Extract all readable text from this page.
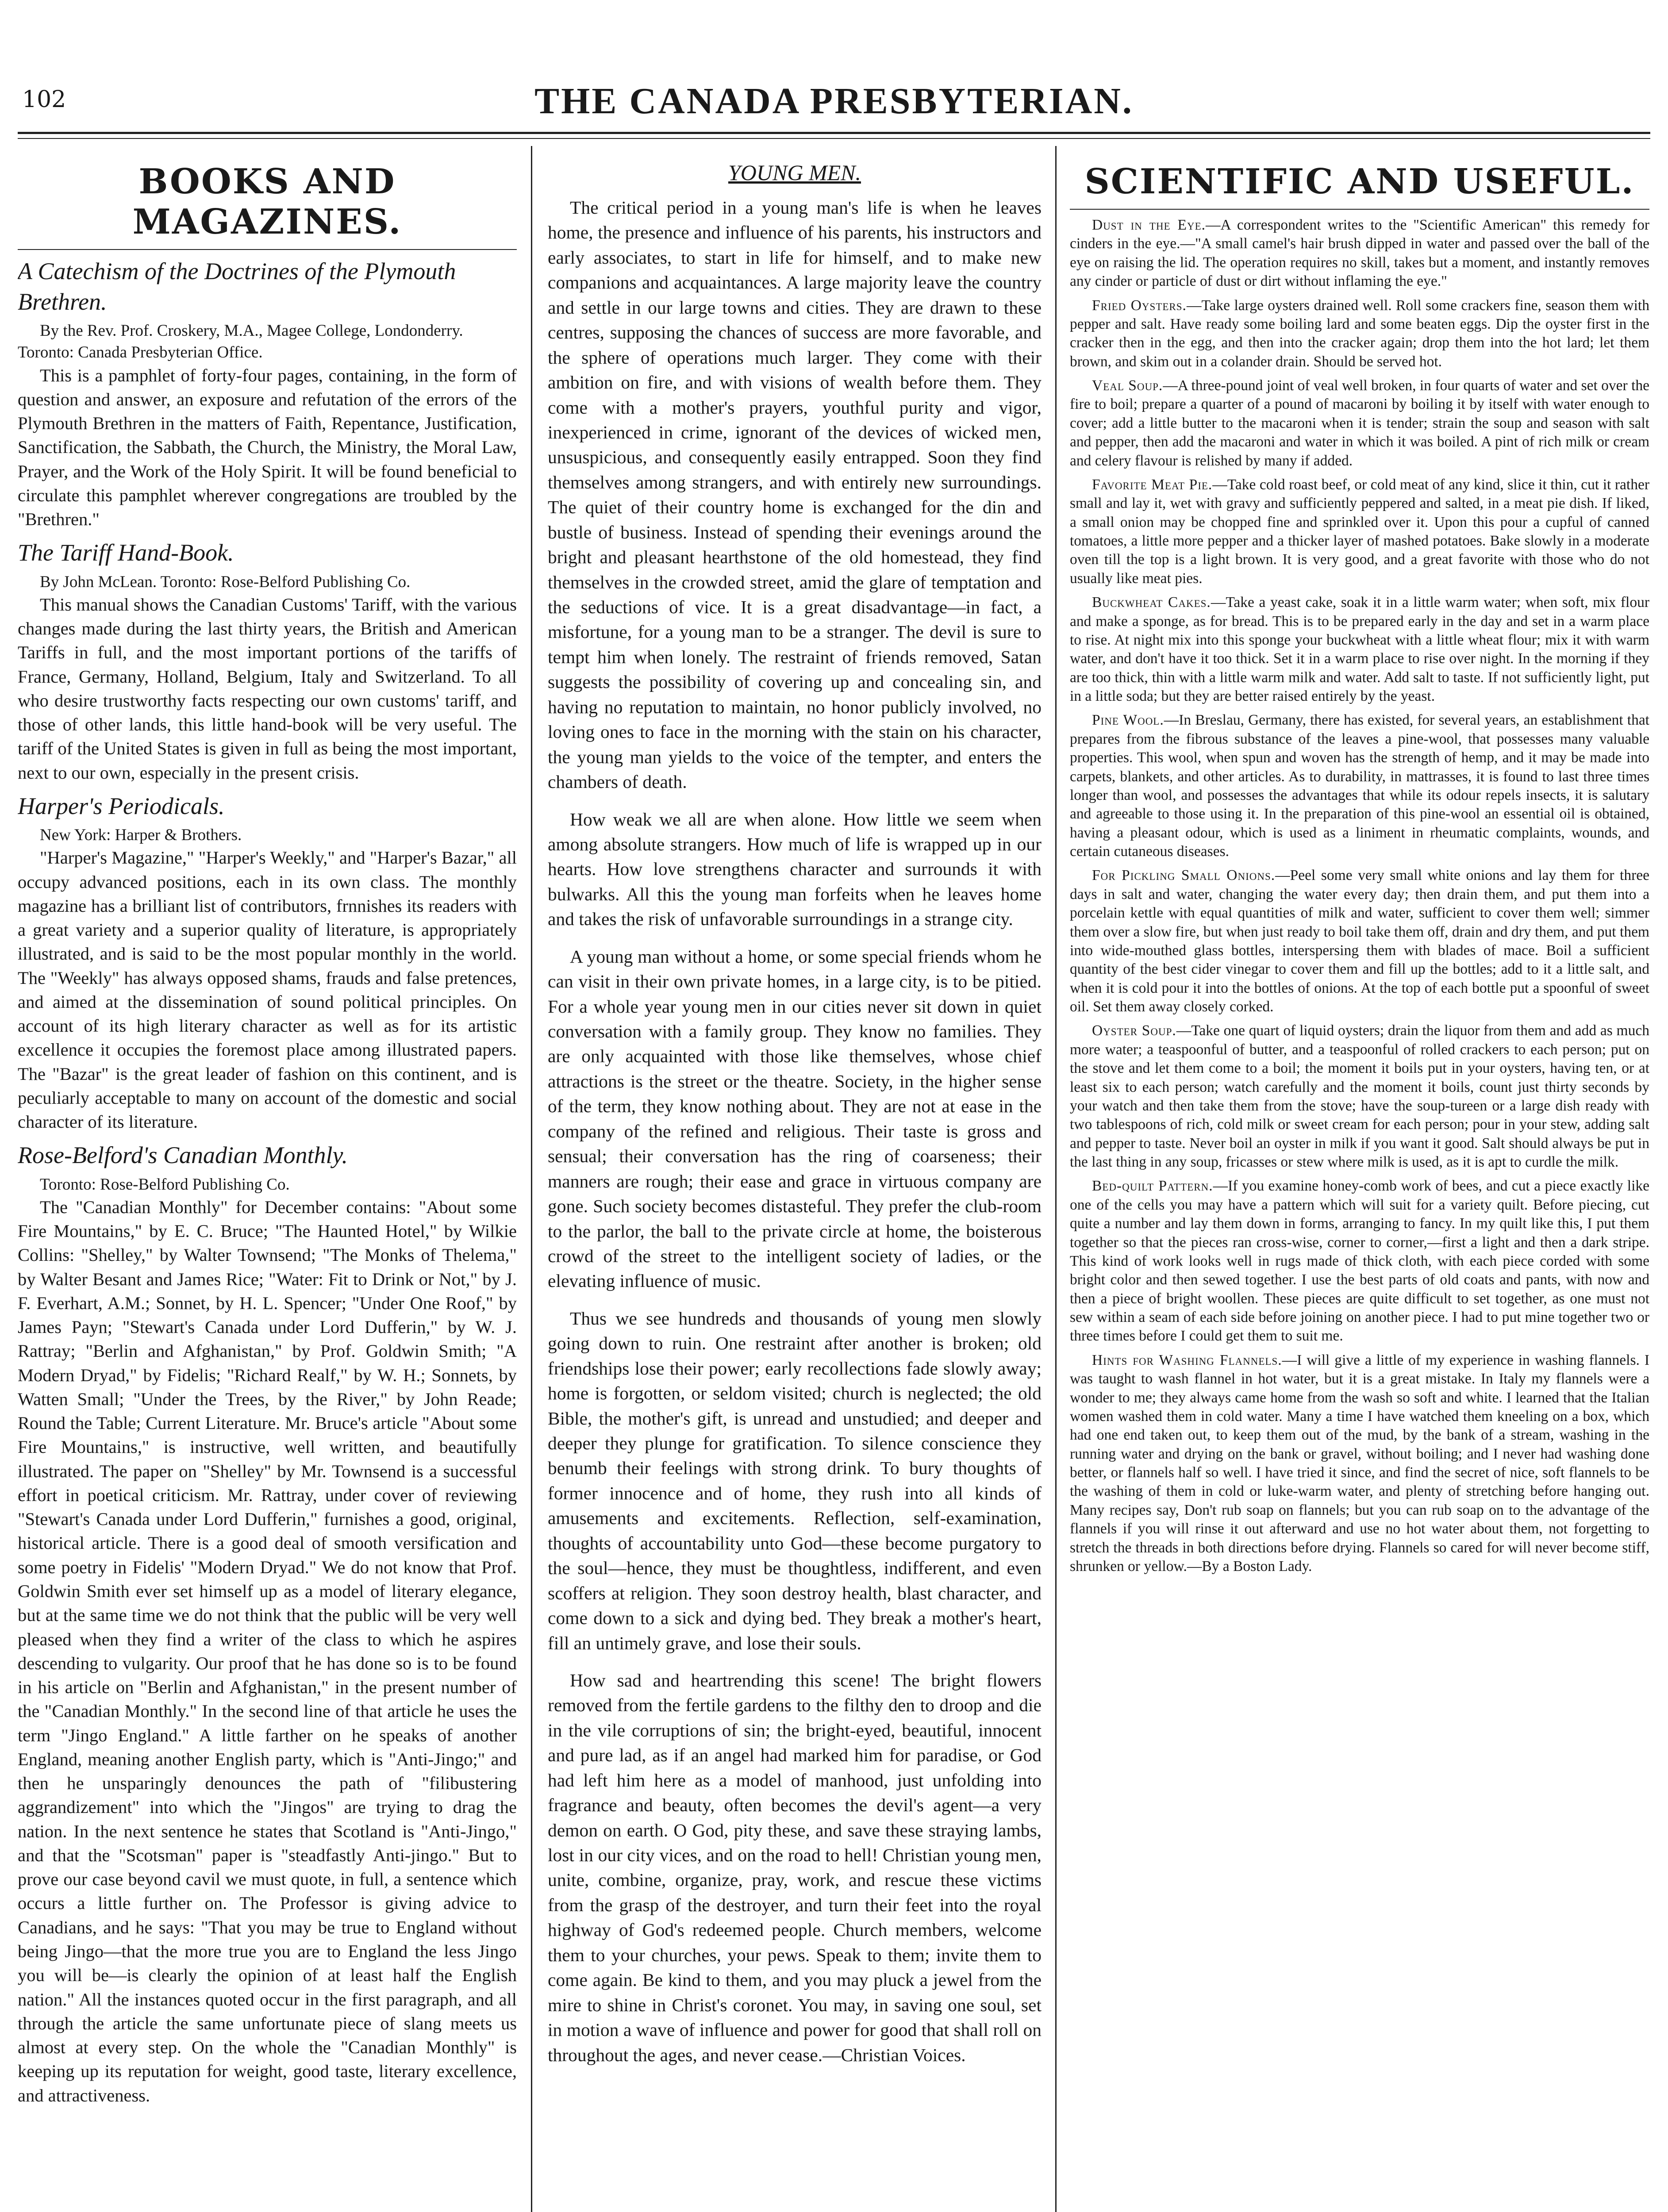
102	THE CANADA PRESBYTERIAN.
BOOKS AND MAGAZINES.
A Catechism of the Doctrines of the Plymouth Brethren.
By the Rev. Prof. Croskery, M.A., Magee College, Londonderry. Toronto: Canada Presbyterian Office.

This is a pamphlet of forty-four pages, containing, in the form of question and answer, an exposure and refutation of the errors of the Plymouth Brethren in the matters of Faith, Repentance, Justification, Sanctification, the Sabbath, the Church, the Ministry, the Moral Law, Prayer, and the Work of the Holy Spirit. It will be found beneficial to circulate this pamphlet wherever congregations are troubled by the "Brethren."

The Tariff Hand-Book.
By John McLean. Toronto: Rose-Belford Publishing Co.

This manual shows the Canadian Customs' Tariff, with the various changes made during the last thirty years, the British and American Tariffs in full, and the most important portions of the tariffs of France, Germany, Holland, Belgium, Italy and Switzerland. To all who desire trustworthy facts respecting our own customs' tariff, and those of other lands, this little hand-book will be very useful. The tariff of the United States is given in full as being the most important, next to our own, especially in the present crisis.

Harper's Periodicals.
New York: Harper & Brothers.

"Harper's Magazine," "Harper's Weekly," and "Harper's Bazar," all occupy advanced positions, each in its own class. The monthly magazine has a brilliant list of contributors, frnnishes its readers with a great variety and a superior quality of literature, is appropriately illustrated, and is said to be the most popular monthly in the world. The "Weekly" has always opposed shams, frauds and false pretences, and aimed at the dissemination of sound political principles. On account of its high literary character as well as for its artistic excellence it occupies the foremost place among illustrated papers. The "Bazar" is the great leader of fashion on this continent, and is peculiarly acceptable to many on account of the domestic and social character of its literature.

Rose-Belford's Canadian Monthly.
Toronto: Rose-Belford Publishing Co.

The "Canadian Monthly" for December contains: "About some Fire Mountains," by E. C. Bruce; "The Haunted Hotel," by Wilkie Collins: "Shelley," by Walter Townsend; "The Monks of Thelema," by Walter Besant and James Rice; "Water: Fit to Drink or Not," by J. F. Everhart, A.M.; Sonnet, by H. L. Spencer; "Under One Roof," by James Payn; "Stewart's Canada under Lord Dufferin," by W. J. Rattray; "Berlin and Afghanistan," by Prof. Goldwin Smith; "A Modern Dryad," by Fidelis; "Richard Realf," by W. H.; Sonnets, by Watten Small; "Under the Trees, by the River," by John Reade; Round the Table; Current Literature. Mr. Bruce's article "About some Fire Mountains," is instructive, well written, and beautifully illustrated. The paper on "Shelley" by Mr. Townsend is a successful effort in poetical criticism. Mr. Rattray, under cover of reviewing "Stewart's Canada under Lord Dufferin," furnishes a good, original, historical article. There is a good deal of smooth versification and some poetry in Fidelis' "Modern Dryad." We do not know that Prof. Goldwin Smith ever set himself up as a model of literary elegance, but at the same time we do not think that the public will be very well pleased when they find a writer of the class to which he aspires descending to vulgarity. Our proof that he has done so is to be found in his article on "Berlin and Afghanistan," in the present number of the "Canadian Monthly." In the second line of that article he uses the term "Jingo England." A little farther on he speaks of another England, meaning another English party, which is "Anti-Jingo;" and then he unsparingly denounces the path of "filibustering aggrandizement" into which the "Jingos" are trying to drag the nation. In the next sentence he states that Scotland is "Anti-Jingo," and that the "Scotsman" paper is "steadfastly Anti-jingo." But to prove our case beyond cavil we must quote, in full, a sentence which occurs a little further on. The Professor is giving advice to Canadians, and he says: "That you may be true to England without being Jingo—that the more true you are to England the less Jingo you will be—is clearly the opinion of at least half the English nation." All the instances quoted occur in the first paragraph, and all through the article the same unfortunate piece of slang meets us almost at every step. On the whole the "Canadian Monthly" is keeping up its reputation for weight, good taste, literary excellence, and attractiveness.

YOUNG MEN.

The critical period in a young man's life is when he leaves home, the presence and influence of his parents, his instructors and early associates, to start in life for himself, and to make new companions and acquaintances. A large majority leave the country and settle in our large towns and cities. They are drawn to these centres, supposing the chances of success are more favorable, and the sphere of operations much larger. They come with their ambition on fire, and with visions of wealth before them. They come with a mother's prayers, youthful purity and vigor, inexperienced in crime, ignorant of the devices of wicked men, unsuspicious, and consequently easily entrapped. Soon they find themselves among strangers, and with entirely new surroundings. The quiet of their country home is exchanged for the din and bustle of business. Instead of spending their evenings around the bright and pleasant hearthstone of the old homestead, they find themselves in the crowded street, amid the glare of temptation and the seductions of vice. It is a great disadvantage—in fact, a misfortune, for a young man to be a stranger. The devil is sure to tempt him when lonely. The restraint of friends removed, Satan suggests the possibility of covering up and concealing sin, and having no reputation to maintain, no honor publicly involved, no loving ones to face in the morning with the stain on his character, the young man yields to the voice of the tempter, and enters the chambers of death.

How weak we all are when alone. How little we seem when among absolute strangers. How much of life is wrapped up in our hearts. How love strengthens character and surrounds it with bulwarks. All this the young man forfeits when he leaves home and takes the risk of unfavorable surroundings in a strange city.

A young man without a home, or some special friends whom he can visit in their own private homes, in a large city, is to be pitied. For a whole year young men in our cities never sit down in quiet conversation with a family group. They know no families. They are only acquainted with those like themselves, whose chief attractions is the street or the theatre. Society, in the higher sense of the term, they know nothing about. They are not at ease in the company of the refined and religious. Their taste is gross and sensual; their conversation has the ring of coarseness; their manners are rough; their ease and grace in virtuous company are gone. Such society becomes distasteful. They prefer the club-room to the parlor, the ball to the private circle at home, the boisterous crowd of the street to the intelligent society of ladies, or the elevating influence of music.

Thus we see hundreds and thousands of young men slowly going down to ruin. One restraint after another is broken; old friendships lose their power; early recollections fade slowly away; home is forgotten, or seldom visited; church is neglected; the old Bible, the mother's gift, is unread and unstudied; and deeper and deeper they plunge for gratification. To silence conscience they benumb their feelings with strong drink. To bury thoughts of former innocence and of home, they rush into all kinds of amusements and excitements. Reflection, self-examination, thoughts of accountability unto God—these become purgatory to the soul—hence, they must be thoughtless, indifferent, and even scoffers at religion. They soon destroy health, blast character, and come down to a sick and dying bed. They break a mother's heart, fill an untimely grave, and lose their souls.

How sad and heartrending this scene! The bright flowers removed from the fertile gardens to the filthy den to droop and die in the vile corruptions of sin; the bright-eyed, beautiful, innocent and pure lad, as if an angel had marked him for paradise, or God had left him here as a model of manhood, just unfolding into fragrance and beauty, often becomes the devil's agent—a very demon on earth. O God, pity these, and save these straying lambs, lost in our city vices, and on the road to hell! Christian young men, unite, combine, organize, pray, work, and rescue these victims from the grasp of the destroyer, and turn their feet into the royal highway of God's redeemed people. Church members, welcome them to your churches, your pews. Speak to them; invite them to come again. Be kind to them, and you may pluck a jewel from the mire to shine in Christ's coronet. You may, in saving one soul, set in motion a wave of influence and power for good that shall roll on throughout the ages, and never cease.—Christian Voices.

SCIENTIFIC AND USEFUL.

Dust in the Eye.—A correspondent writes to the "Scientific American" this remedy for cinders in the eye.—"A small camel's hair brush dipped in water and passed over the ball of the eye on raising the lid. The operation requires no skill, takes but a moment, and instantly removes any cinder or particle of dust or dirt without inflaming the eye."

Fried Oysters.—Take large oysters drained well. Roll some crackers fine, season them with pepper and salt. Have ready some boiling lard and some beaten eggs. Dip the oyster first in the cracker then in the egg, and then into the cracker again; drop them into the hot lard; let them brown, and skim out in a colander drain. Should be served hot.

Veal Soup.—A three-pound joint of veal well broken, in four quarts of water and set over the fire to boil; prepare a quarter of a pound of macaroni by boiling it by itself with water enough to cover; add a little butter to the macaroni when it is tender; strain the soup and season with salt and pepper, then add the macaroni and water in which it was boiled. A pint of rich milk or cream and celery flavour is relished by many if added.

Favorite Meat Pie.—Take cold roast beef, or cold meat of any kind, slice it thin, cut it rather small and lay it, wet with gravy and sufficiently peppered and salted, in a meat pie dish. If liked, a small onion may be chopped fine and sprinkled over it. Upon this pour a cupful of canned tomatoes, a little more pepper and a thicker layer of mashed potatoes. Bake slowly in a moderate oven till the top is a light brown. It is very good, and a great favorite with those who do not usually like meat pies.

Buckwheat Cakes.—Take a yeast cake, soak it in a little warm water; when soft, mix flour and make a sponge, as for bread. This is to be prepared early in the day and set in a warm place to rise. At night mix into this sponge your buckwheat with a little wheat flour; mix it with warm water, and don't have it too thick. Set it in a warm place to rise over night. In the morning if they are too thick, thin with a little warm milk and water. Add salt to taste. If not sufficiently light, put in a little soda; but they are better raised entirely by the yeast.

Pine Wool.—In Breslau, Germany, there has existed, for several years, an establishment that prepares from the fibrous substance of the leaves a pine-wool, that possesses many valuable properties. This wool, when spun and woven has the strength of hemp, and it may be made into carpets, blankets, and other articles. As to durability, in mattrasses, it is found to last three times longer than wool, and possesses the advantages that while its odour repels insects, it is salutary and agreeable to those using it. In the preparation of this pine-wool an essential oil is obtained, having a pleasant odour, which is used as a liniment in rheumatic complaints, wounds, and certain cutaneous diseases.

For Pickling Small Onions.—Peel some very small white onions and lay them for three days in salt and water, changing the water every day; then drain them, and put them into a porcelain kettle with equal quantities of milk and water, sufficient to cover them well; simmer them over a slow fire, but when just ready to boil take them off, drain and dry them, and put them into wide-mouthed glass bottles, interspersing them with blades of mace. Boil a sufficient quantity of the best cider vinegar to cover them and fill up the bottles; add to it a little salt, and when it is cold pour it into the bottles of onions. At the top of each bottle put a spoonful of sweet oil. Set them away closely corked.

Oyster Soup.—Take one quart of liquid oysters; drain the liquor from them and add as much more water; a teaspoonful of butter, and a teaspoonful of rolled crackers to each person; put on the stove and let them come to a boil; the moment it boils put in your oysters, having ten, or at least six to each person; watch carefully and the moment it boils, count just thirty seconds by your watch and then take them from the stove; have the soup-tureen or a large dish ready with two tablespoons of rich, cold milk or sweet cream for each person; pour in your stew, adding salt and pepper to taste. Never boil an oyster in milk if you want it good. Salt should always be put in the last thing in any soup, fricasses or stew where milk is used, as it is apt to curdle the milk.

Bed-quilt Pattern.—If you examine honey-comb work of bees, and cut a piece exactly like one of the cells you may have a pattern which will suit for a variety quilt. Before piecing, cut quite a number and lay them down in forms, arranging to fancy. In my quilt like this, I put them together so that the pieces ran cross-wise, corner to corner,—first a light and then a dark stripe. This kind of work looks well in rugs made of thick cloth, with each piece corded with some bright color and then sewed together. I use the best parts of old coats and pants, with now and then a piece of bright woollen. These pieces are quite difficult to set together, as one must not sew within a seam of each side before joining on another piece. I had to put mine together two or three times before I could get them to suit me.

Hints for Washing Flannels.—I will give a little of my experience in washing flannels. I was taught to wash flannel in hot water, but it is a great mistake. In Italy my flannels were a wonder to me; they always came home from the wash so soft and white. I learned that the Italian women washed them in cold water. Many a time I have watched them kneeling on a box, which had one end taken out, to keep them out of the mud, by the bank of a stream, washing in the running water and drying on the bank or gravel, without boiling; and I never had washing done better, or flannels half so well. I have tried it since, and find the secret of nice, soft flannels to be the washing of them in cold or luke-warm water, and plenty of stretching before hanging out. Many recipes say, Don't rub soap on flannels; but you can rub soap on to the advantage of the flannels if you will rinse it out afterward and use no hot water about them, not forgetting to stretch the threads in both directions before drying. Flannels so cared for will never become stiff, shrunken or yellow.—By a Boston Lady.
